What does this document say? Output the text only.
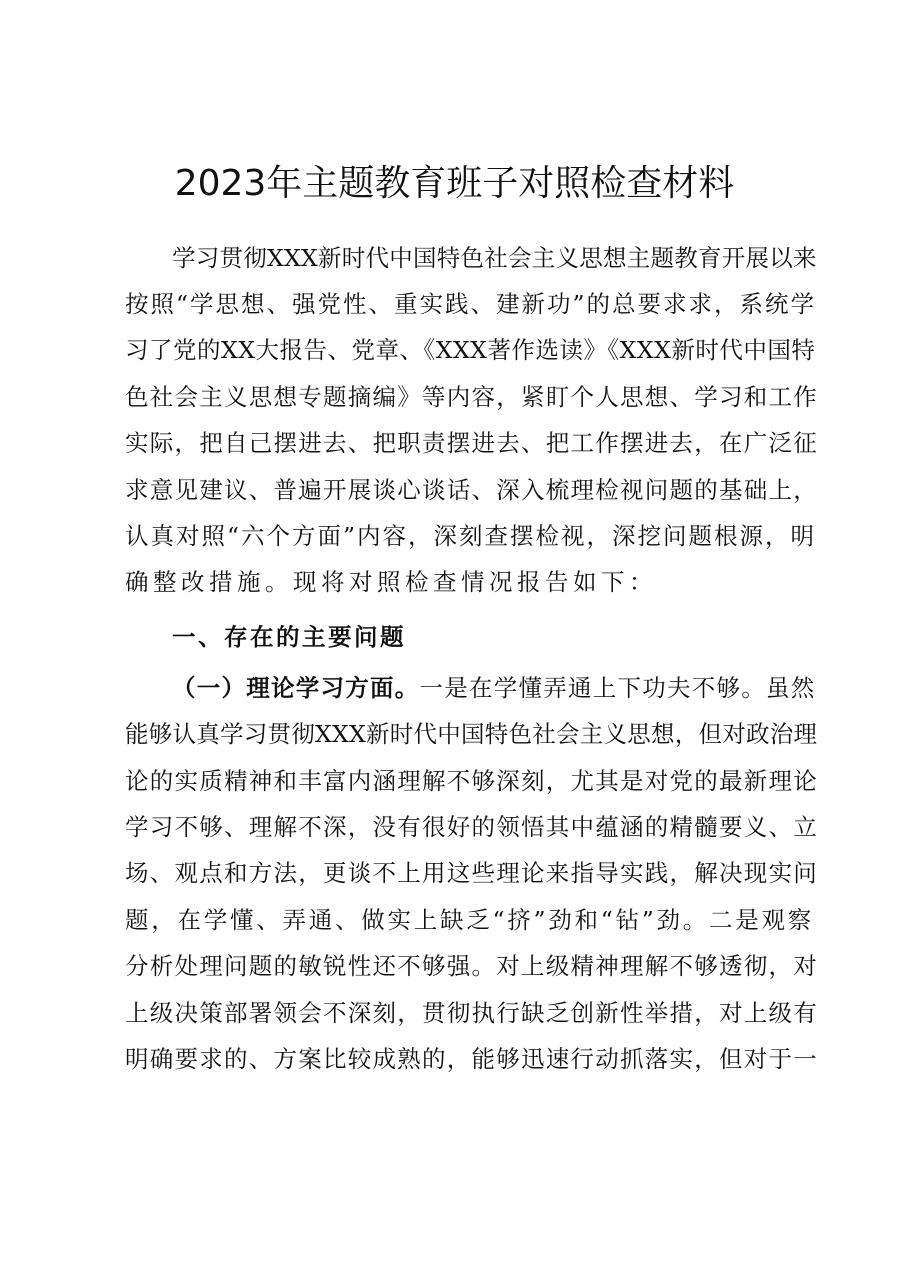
2023年主题教育班子对照检查材料
学习贯彻XXX新时代中国特色社会主义思想主题教育开展以来
按照“学思想、强党性、重实践、建新功”的总要求求，系统学
习了党的XX大报告、党章、《XXX著作选读》《XXX新时代中国特
色社会主义思想专题摘编》等内容，紧盯个人思想、学习和工作
实际，把自己摆进去、把职责摆进去、把工作摆进去，在广泛征
求意见建议、普遍开展谈心谈话、深入梳理检视问题的基础上，
认真对照“六个方面”内容，深刻查摆检视，深挖问题根源，明
确整改措施。现将对照检查情况报告如下：
一、存在的主要问题
（一）理论学习方面。一是在学懂弄通上下功夫不够。虽然
能够认真学习贯彻XXX新时代中国特色社会主义思想，但对政治理
论的实质精神和丰富内涵理解不够深刻，尤其是对党的最新理论
学习不够、理解不深，没有很好的领悟其中蕴涵的精髓要义、立
场、观点和方法，更谈不上用这些理论来指导实践，解决现实问
题，在学懂、弄通、做实上缺乏“挤”劲和“钻”劲。二是观察
分析处理问题的敏锐性还不够强。对上级精神理解不够透彻，对
上级决策部署领会不深刻，贯彻执行缺乏创新性举措，对上级有
明确要求的、方案比较成熟的，能够迅速行动抓落实，但对于一
